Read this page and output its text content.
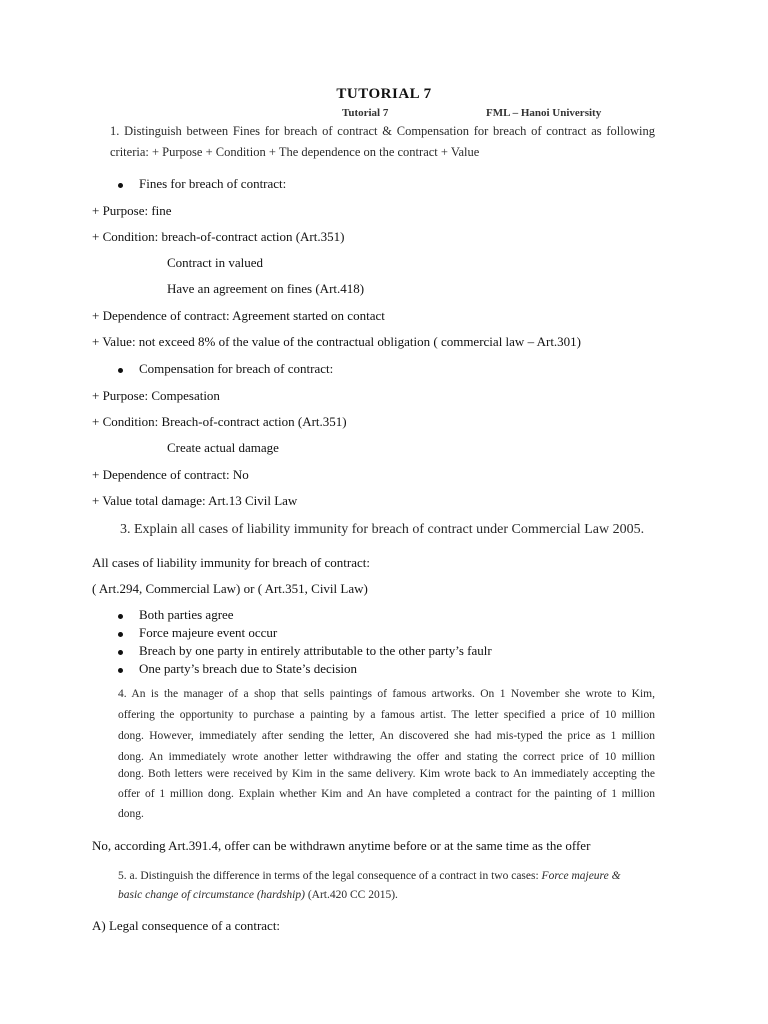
TUTORIAL 7
Tutorial 7	FML – Hanoi University
1. Distinguish between Fines for breach of contract & Compensation for breach of contract as following
criteria: + Purpose + Condition + The dependence on the contract + Value
Fines for breach of contract:
+ Purpose: fine
+ Condition: breach-of-contract action (Art.351)
Contract in valued
Have an agreement on fines (Art.418)
+ Dependence of contract: Agreement started on contact
+ Value: not exceed 8% of the value of the contractual obligation ( commercial law – Art.301)
Compensation for breach of contract:
+ Purpose: Compesation
+ Condition: Breach-of-contract action (Art.351)
Create actual damage
+ Dependence of contract: No
+ Value total damage: Art.13 Civil Law
3. Explain all cases of liability immunity for breach of contract under Commercial Law 2005.
All cases of liability immunity for breach of contract:
( Art.294, Commercial Law) or ( Art.351, Civil Law)
Both parties agree
Force majeure event occur
Breach by one party in entirely attributable to the other party’s faulr
One party’s breach due to State’s decision
4. An is the manager of a shop that sells paintings of famous artworks. On 1 November she wrote to Kim,
offering the opportunity to purchase a painting by a famous artist. The letter specified a price of 10 million
dong. However, immediately after sending the letter, An discovered she had mis-typed the price as 1 million
dong. An immediately wrote another letter withdrawing the offer and stating the correct price of 10 million
dong. Both letters were received by Kim in the same delivery. Kim wrote back to An immediately accepting the
offer of 1 million dong. Explain whether Kim and An have completed a contract for the painting of 1 million
dong.
No, according Art.391.4, offer can be withdrawn anytime before or at the same time as the offer
5. a. Distinguish the difference in terms of the legal consequence of a contract in two cases: Force majeure &
basic change of circumstance (hardship) (Art.420 CC 2015).
A) Legal consequence of a contract:
